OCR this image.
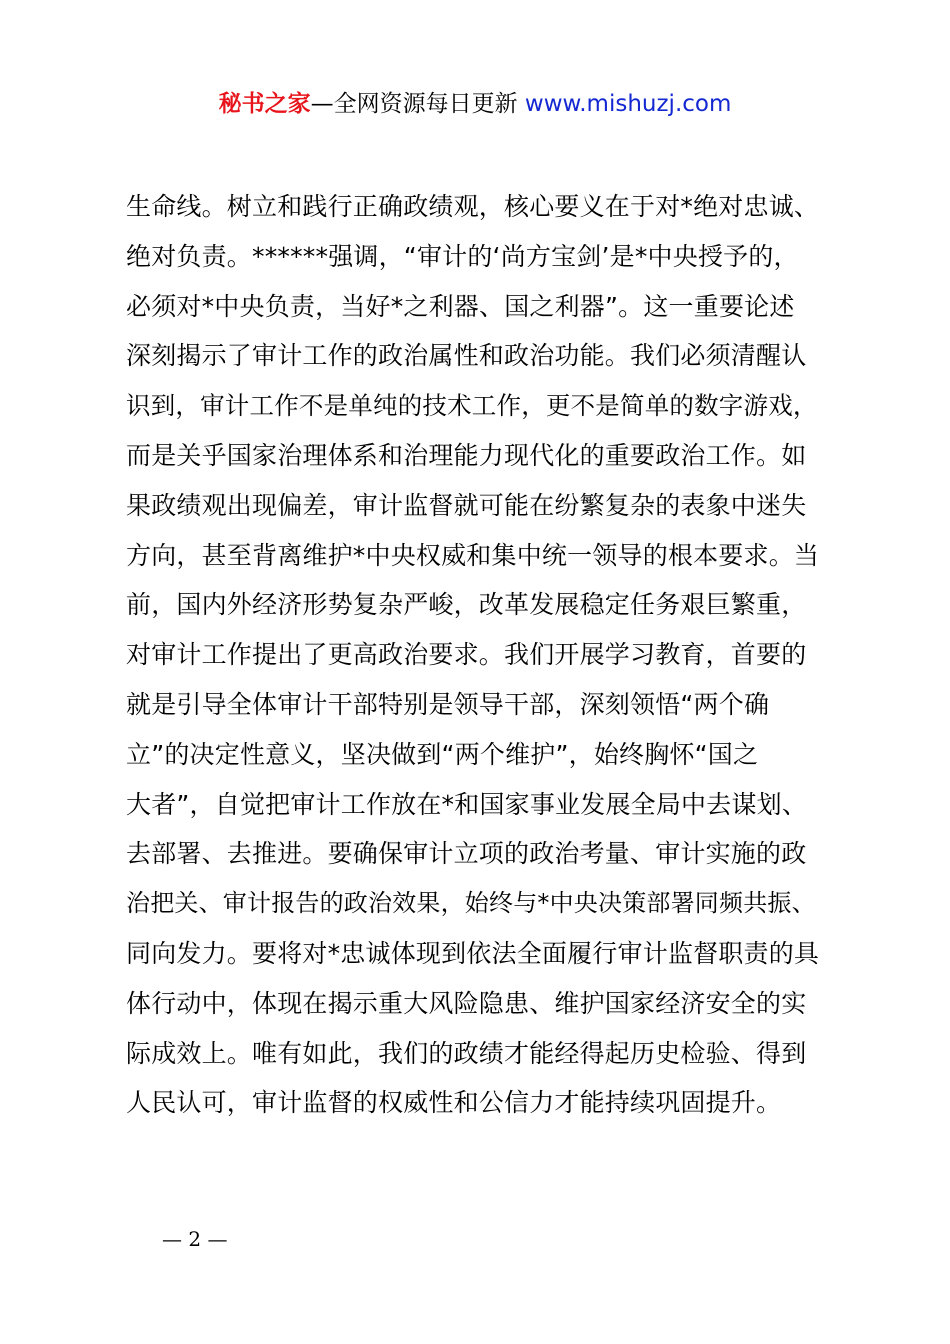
秘书之家—全网资源每日更新 www.mishuzj.com
生命线。树立和践行正确政绩观，核心要义在于对*绝对忠诚、
绝对负责。******强调，“审计的‘尚方宝剑’是*中央授予的，
必须对*中央负责，当好*之利器、国之利器”。这一重要论述
深刻揭示了审计工作的政治属性和政治功能。我们必须清醒认
识到，审计工作不是单纯的技术工作，更不是简单的数字游戏，
而是关乎国家治理体系和治理能力现代化的重要政治工作。如
果政绩观出现偏差，审计监督就可能在纷繁复杂的表象中迷失
方向，甚至背离维护*中央权威和集中统一领导的根本要求。当
前，国内外经济形势复杂严峻，改革发展稳定任务艰巨繁重，
对审计工作提出了更高政治要求。我们开展学习教育，首要的
就是引导全体审计干部特别是领导干部，深刻领悟“两个确
立”的决定性意义，坚决做到“两个维护”，始终胸怀“国之
大者”，自觉把审计工作放在*和国家事业发展全局中去谋划、
去部署、去推进。要确保审计立项的政治考量、审计实施的政
治把关、审计报告的政治效果，始终与*中央决策部署同频共振、
同向发力。要将对*忠诚体现到依法全面履行审计监督职责的具
体行动中，体现在揭示重大风险隐患、维护国家经济安全的实
际成效上。唯有如此，我们的政绩才能经得起历史检验、得到
人民认可，审计监督的权威性和公信力才能持续巩固提升。
— 2 —
